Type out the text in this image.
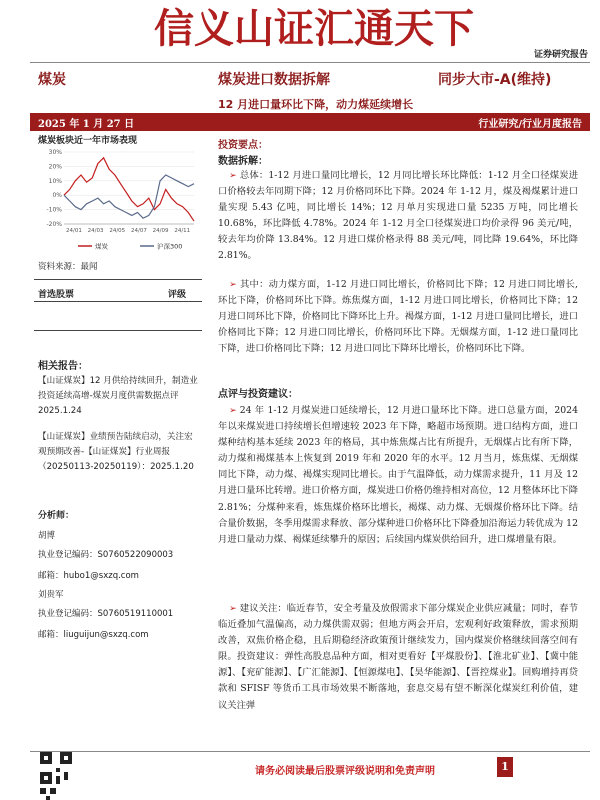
信义山证汇通天下
证券研究报告
煤炭	煤炭进口数据拆解	同步大市-A(维持)
12 月进口量环比下降，动力煤延续增长
2025 年 1 月 27 日	行业研究/行业月度报告
煤炭板块近一年市场表现
30%
20%
10%
0%
-10%
-20%
24/01 24/03 24/05 24/07 24/09 24/11
煤炭	沪深300
资料来源：最闻
首选股票	评级
相关报告：
【山证煤炭】12 月供给持续回升，制造业投资延续高增-煤炭月度供需数据点评 2025.1.24
【山证煤炭】业绩预告陆续启动，关注宏观预期改善-【山证煤炭】行业周报（20250113-20250119）：2025.1.20
分析师：
胡博
执业登记编码：S0760522090003
邮箱：hubo1@sxzq.com
刘贵军
执业登记编码：S0760519110001
邮箱：liuguijun@sxzq.com
投资要点：
数据拆解：
➢ 总体：1-12 月进口量同比增长，12 月同比增长环比降低：1-12 月全口径煤炭进口价格较去年同期下降；12 月价格同环比下降。2024 年 1-12 月，煤及褐煤累计进口量实现 5.43 亿吨，同比增长 14%；12 月单月实现进口量 5235 万吨，同比增长 10.68%，环比降低 4.78%。2024 年 1-12 月全口径煤炭进口均价录得 96 美元/吨，较去年均价降 13.84%。12 月进口煤价格录得 88 美元/吨，同比降 19.64%，环比降 2.81%。
➢ 其中：动力煤方面，1-12 月进口同比增长，价格同比下降；12 月进口同比增长,环比下降，价格同环比下降。炼焦煤方面，1-12 月进口同比增长，价格同比下降；12 月进口同环比下降，价格同比下降环比上升。褐煤方面，1-12 月进口量同比增长，进口价格同比下降；12 月进口同比增长，价格同环比下降。无烟煤方面，1-12 进口量同比下降，进口价格同比下降；12 月进口同比下降环比增长，价格同环比下降。
点评与投资建议：
➢ 24 年 1-12 月煤炭进口延续增长，12 月进口量环比下降。进口总量方面，2024 年以来煤炭进口持续增长但增速较 2023 年下降，略超市场预期。进口结构方面，进口煤种结构基本延续 2023 年的格局，其中炼焦煤占比有所提升，无烟煤占比有所下降，动力煤和褐煤基本上恢复到 2019 年和 2020 年的水平。12 月当月，炼焦煤、无烟煤同比下降，动力煤、褐煤实现同比增长。由于气温降低，动力煤需求提升，11 月及 12 月进口量环比转增。进口价格方面，煤炭进口价格仍维持相对高位，12 月整体环比下降 2.81%；分煤种来看，炼焦煤价格环比增长，褐煤、动力煤、无烟煤价格环比下降。结合量价数据，冬季用煤需求释放、部分煤种进口价格环比下降叠加沿海运力转优成为 12 月进口量动力煤、褐煤延续攀升的原因；后续国内煤炭供给回升，进口煤增量有限。
➢ 建议关注：临近春节，安全考量及放假需求下部分煤炭企业供应减量；同时，春节临近叠加气温偏高，动力煤供需双弱；但地方两会开启，宏观利好政策释放，需求预期改善，双焦价格企稳，且后期稳经济政策预计继续发力，国内煤炭价格继续回落空间有限。投资建议：弹性高股息品种方面，相对更看好【平煤股份】、【淮北矿业】、【冀中能源】、【兖矿能源】、【广汇能源】、【恒源煤电】、【昊华能源】、【晋控煤业】。回购增持再贷款和 SFISF 等货币工具市场效果不断落地，套息交易有望不断深化煤炭红利价值，建议关注弹
请务必阅读最后股票评级说明和免责声明	1
